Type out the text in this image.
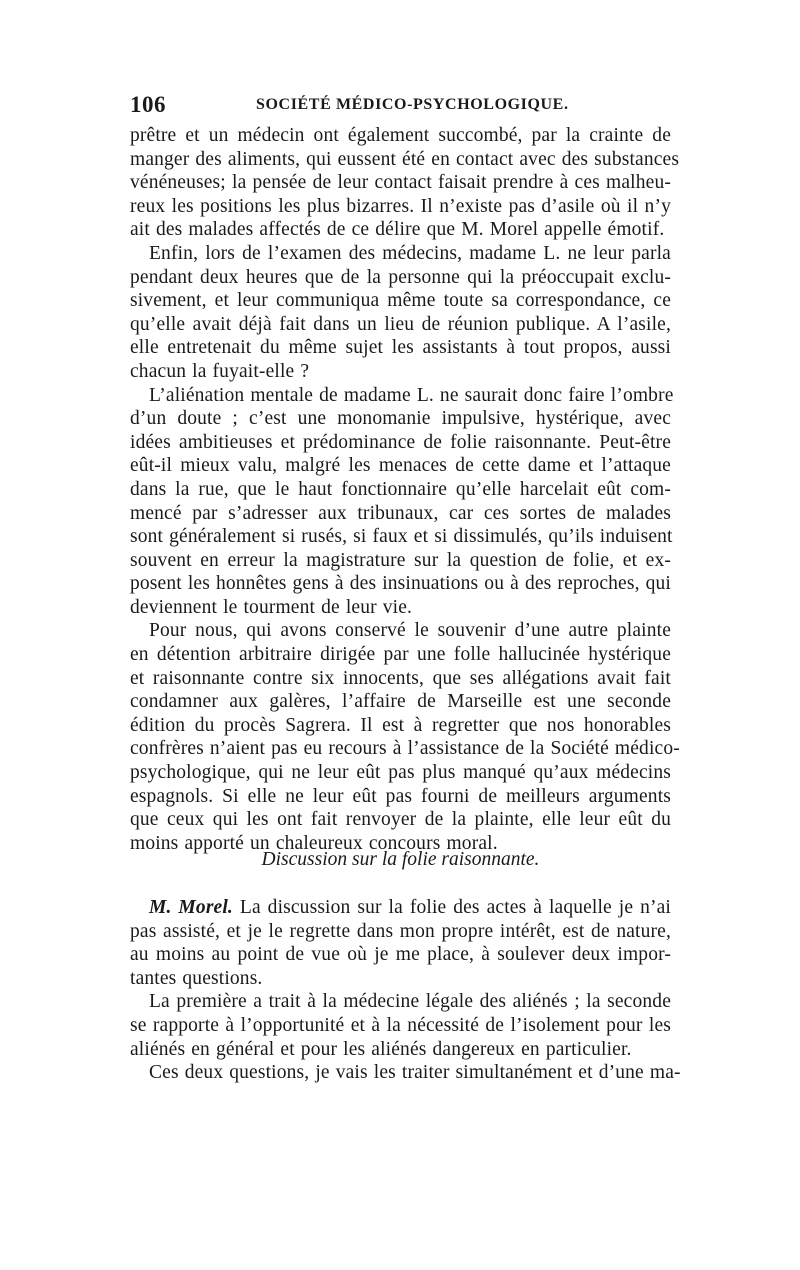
106	SOCIÉTÉ MÉDICO-PSYCHOLOGIQUE.
prêtre et un médecin ont également succombé, par la crainte de
manger des aliments, qui eussent été en contact avec des substances
vénéneuses; la pensée de leur contact faisait prendre à ces malheu-
reux les positions les plus bizarres. Il n’existe pas d’asile où il n’y
ait des malades affectés de ce délire que M. Morel appelle émotif.
Enfin, lors de l’examen des médecins, madame L. ne leur parla
pendant deux heures que de la personne qui la préoccupait exclu-
sivement, et leur communiqua même toute sa correspondance, ce
qu’elle avait déjà fait dans un lieu de réunion publique. A l’asile,
elle entretenait du même sujet les assistants à tout propos, aussi
chacun la fuyait-elle ?
L’aliénation mentale de madame L. ne saurait donc faire l’ombre
d’un doute ; c’est une monomanie impulsive, hystérique, avec
idées ambitieuses et prédominance de folie raisonnante. Peut-être
eût-il mieux valu, malgré les menaces de cette dame et l’attaque
dans la rue, que le haut fonctionnaire qu’elle harcelait eût com-
mencé par s’adresser aux tribunaux, car ces sortes de malades
sont généralement si rusés, si faux et si dissimulés, qu’ils induisent
souvent en erreur la magistrature sur la question de folie, et ex-
posent les honnêtes gens à des insinuations ou à des reproches, qui
deviennent le tourment de leur vie.
Pour nous, qui avons conservé le souvenir d’une autre plainte
en détention arbitraire dirigée par une folle hallucinée hystérique
et raisonnante contre six innocents, que ses allégations avait fait
condamner aux galères, l’affaire de Marseille est une seconde
édition du procès Sagrera. Il est à regretter que nos honorables
confrères n’aient pas eu recours à l’assistance de la Société médico-
psychologique, qui ne leur eût pas plus manqué qu’aux médecins
espagnols. Si elle ne leur eût pas fourni de meilleurs arguments
que ceux qui les ont fait renvoyer de la plainte, elle leur eût du
moins apporté un chaleureux concours moral.
Discussion sur la folie raisonnante.
M. Morel. La discussion sur la folie des actes à laquelle je n’ai
pas assisté, et je le regrette dans mon propre intérêt, est de nature,
au moins au point de vue où je me place, à soulever deux impor-
tantes questions.
La première a trait à la médecine légale des aliénés ; la seconde
se rapporte à l’opportunité et à la nécessité de l’isolement pour les
aliénés en général et pour les aliénés dangereux en particulier.
Ces deux questions, je vais les traiter simultanément et d’une ma-
